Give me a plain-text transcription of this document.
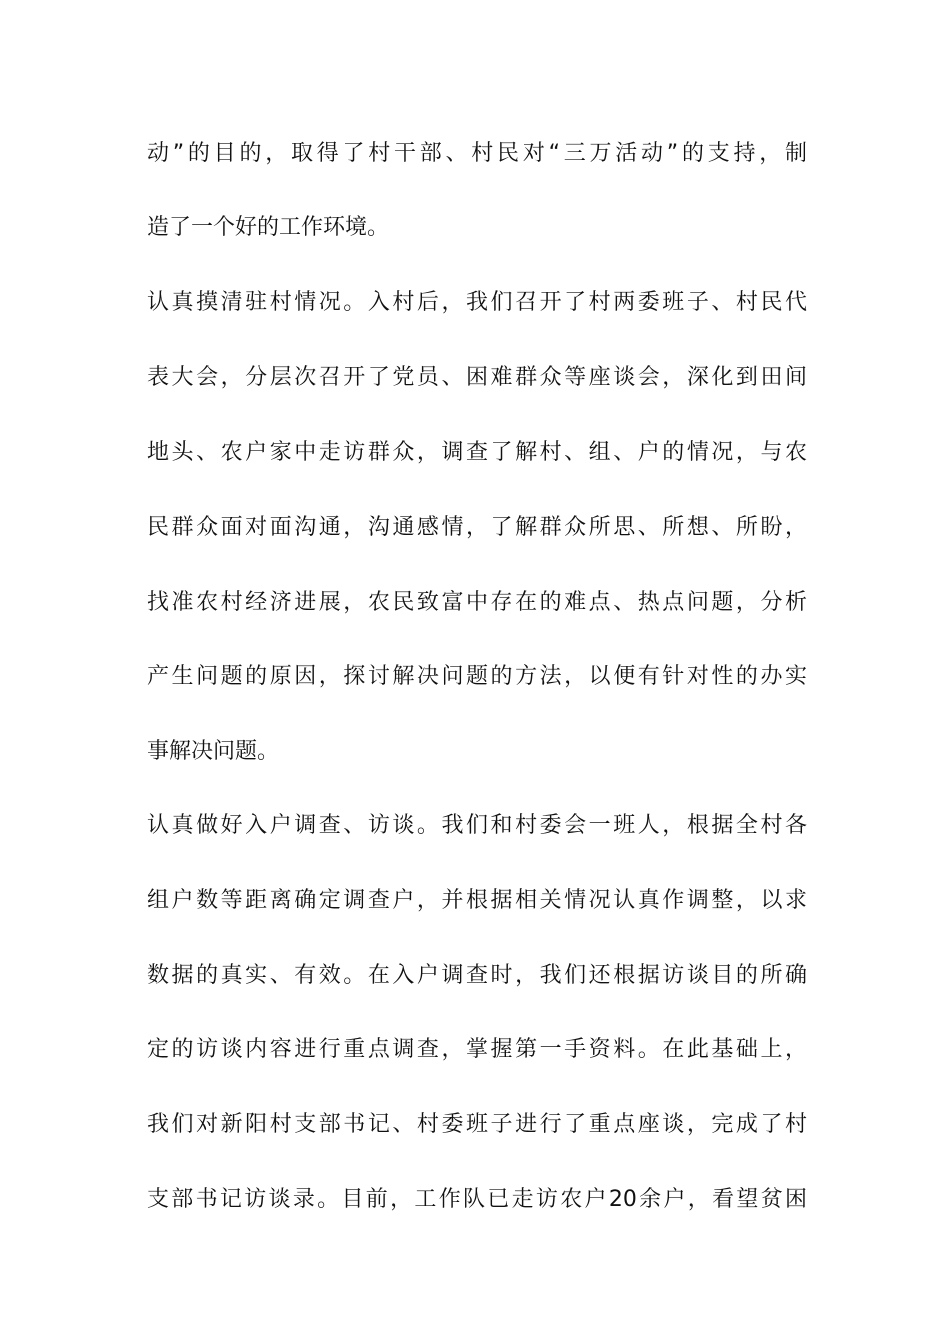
动”的目的，取得了村干部、村民对“三万活动”的支持，制
造了一个好的工作环境。
认真摸清驻村情况。入村后，我们召开了村两委班子、村民代
表大会，分层次召开了党员、困难群众等座谈会，深化到田间
地头、农户家中走访群众，调查了解村、组、户的情况，与农
民群众面对面沟通，沟通感情，了解群众所思、所想、所盼，
找准农村经济进展，农民致富中存在的难点、热点问题，分析
产生问题的原因，探讨解决问题的方法，以便有针对性的办实
事解决问题。
认真做好入户调查、访谈。我们和村委会一班人，根据全村各
组户数等距离确定调查户，并根据相关情况认真作调整，以求
数据的真实、有效。在入户调查时，我们还根据访谈目的所确
定的访谈内容进行重点调查，掌握第一手资料。在此基础上，
我们对新阳村支部书记、村委班子进行了重点座谈，完成了村
支部书记访谈录。目前，工作队已走访农户20余户，看望贫困
